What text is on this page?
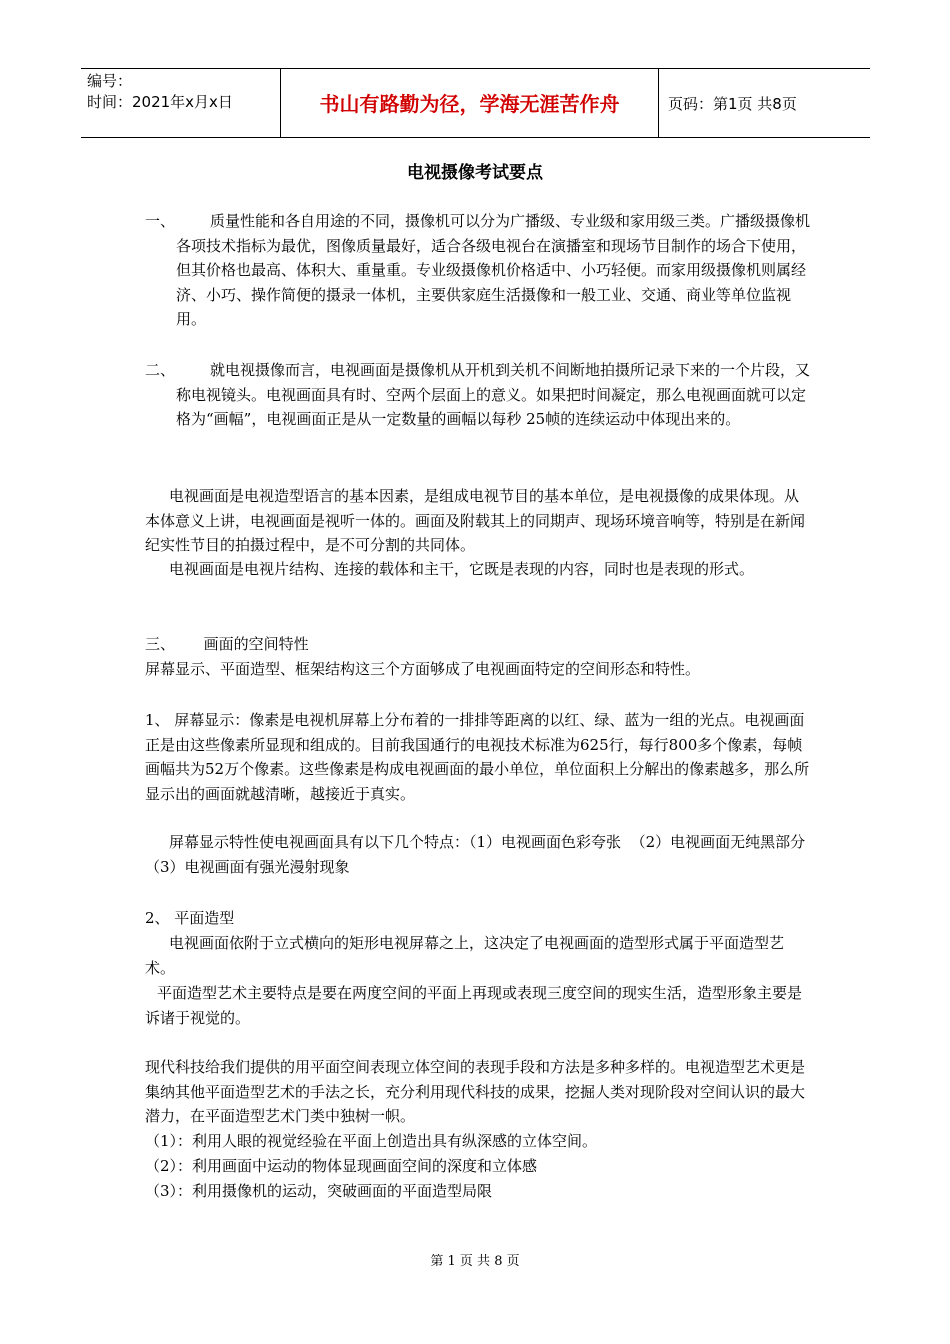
编号：
时间：2021年x月x日	书山有路勤为径，学海无涯苦作舟	页码：第1页 共8页
电视摄像考试要点
一、	质量性能和各自用途的不同，摄像机可以分为广播级、专业级和家用级三类。广播级摄像机各项技术指标为最优，图像质量最好，适合各级电视台在演播室和现场节目制作的场合下使用，但其价格也最高、体积大、重量重。专业级摄像机价格适中、小巧轻便。而家用级摄像机则属经济、小巧、操作简便的摄录一体机，主要供家庭生活摄像和一般工业、交通、商业等单位监视用。
二、	就电视摄像而言，电视画面是摄像机从开机到关机不间断地拍摄所记录下来的一个片段，又称电视镜头。电视画面具有时、空两个层面上的意义。如果把时间凝定，那么电视画面就可以定格为“画幅”，电视画面正是从一定数量的画幅以每秒 25帧的连续运动中体现出来的。

电视画面是电视造型语言的基本因素，是组成电视节目的基本单位，是电视摄像的成果体现。从本体意义上讲，电视画面是视听一体的。画面及附载其上的同期声、现场环境音响等，特别是在新闻纪实性节目的拍摄过程中，是不可分割的共同体。

电视画面是电视片结构、连接的载体和主干，它既是表现的内容，同时也是表现的形式。

三、      画面的空间特性

屏幕显示、平面造型、框架结构这三个方面够成了电视画面特定的空间形态和特性。

1、 屏幕显示：像素是电视机屏幕上分布着的一排排等距离的以红、绿、蓝为一组的光点。电视画面正是由这些像素所显现和组成的。目前我国通行的电视技术标准为625行，每行800多个像素，每帧画幅共为52万个像素。这些像素是构成电视画面的最小单位，单位面积上分解出的像素越多，那么所显示出的画面就越清晰，越接近于真实。

屏幕显示特性使电视画面具有以下几个特点：（1）电视画面色彩夸张  （2）电视画面无纯黑部分   （3）电视画面有强光漫射现象

2、 平面造型

电视画面依附于立式横向的矩形电视屏幕之上，这决定了电视画面的造型形式属于平面造型艺术。

平面造型艺术主要特点是要在两度空间的平面上再现或表现三度空间的现实生活，造型形象主要是诉诸于视觉的。

现代科技给我们提供的用平面空间表现立体空间的表现手段和方法是多种多样的。电视造型艺术更是集纳其他平面造型艺术的手法之长，充分利用现代科技的成果，挖掘人类对现阶段对空间认识的最大潜力，在平面造型艺术门类中独树一帜。

（1）：利用人眼的视觉经验在平面上创造出具有纵深感的立体空间。

（2）：利用画面中运动的物体显现画面空间的深度和立体感

（3）：利用摄像机的运动，突破画面的平面造型局限

第 1 页 共 8 页
